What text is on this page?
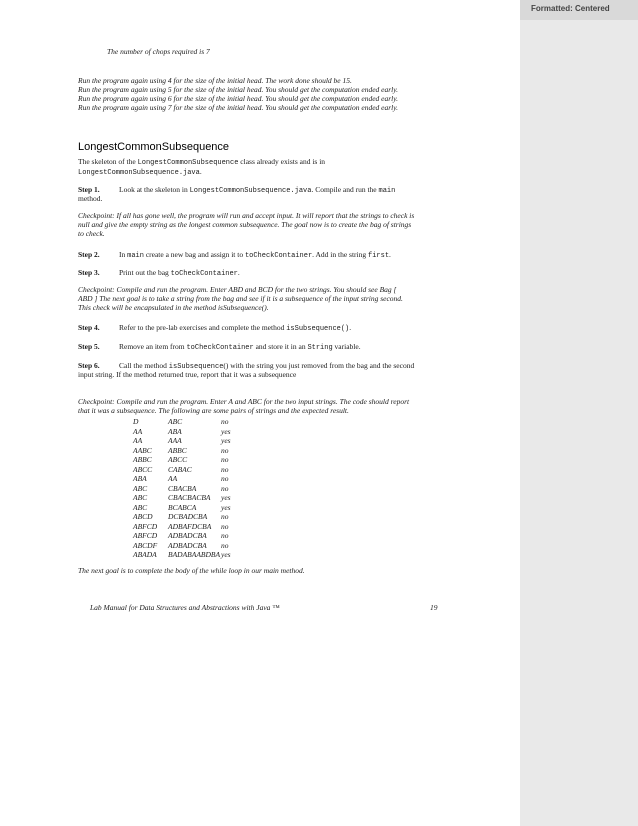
Formatted: Centered
The number of chops required is 7
Run the program again using 4 for the size of the initial head. The work done should be 15.
Run the program again using 5 for the size of the initial head. You should get the computation ended early.
Run the program again using 6 for the size of the initial head. You should get the computation ended early.
Run the program again using 7 for the size of the initial head. You should get the computation ended early.
LongestCommonSubsequence
The skeleton of the LongestCommonSubsequence class already exists and is in
LongestCommonSubsequence.java.
Step 1.	Look at the skeleton in LongestCommonSubsequence.java. Compile and run the main
method.
Checkpoint: If all has gone well, the program will run and accept input. It will report that the strings to check is
null and give the empty string as the longest common subsequence. The goal now is to create the bag of strings
to check.
Step 2.	In main create a new bag and assign it to toCheckContainer. Add in the string first.
Step 3.	Print out the bag toCheckContainer.
Checkpoint: Compile and run the program. Enter ABD and BCD for the two strings. You should see Bag [
ABD ] The next goal is to take a string from the bag and see if it is a subsequence of the input string second.
This check will be encapsulated in the method isSubsequence().
Step 4.	Refer to the pre-lab exercises and complete the method isSubsequence().
Step 5.	Remove an item from toCheckContainer and store it in an String variable.
Step 6.	Call the method isSubsequence() with the string you just removed from the bag and the second
input string. If the method returned true, report that it was a subsequence
Checkpoint: Compile and run the program. Enter A and ABC for the two input strings. The code should report
that it was a subsequence. The following are some pairs of strings and the expected result.
D	ABC	no
AA	ABA	yes
AA	AAA	yes
AABC	ABBC	no
ABBC	ABCC	no
ABCC	CABAC	no
ABA	AA	no
ABC	CBACBA	no
ABC	CBACBACBA	yes
ABC	BCABCA	yes
ABCD	DCBADCBA	no
ABFCD	ADBAFDCBA	no
ABFCD	ADBADCBA	no
ABCDF	ADBADCBA	no
ABADA	BADABAABDBA	yes
The next goal is to complete the body of the while loop in our main method.
Lab Manual for Data Structures and Abstractions with Java ™	19
